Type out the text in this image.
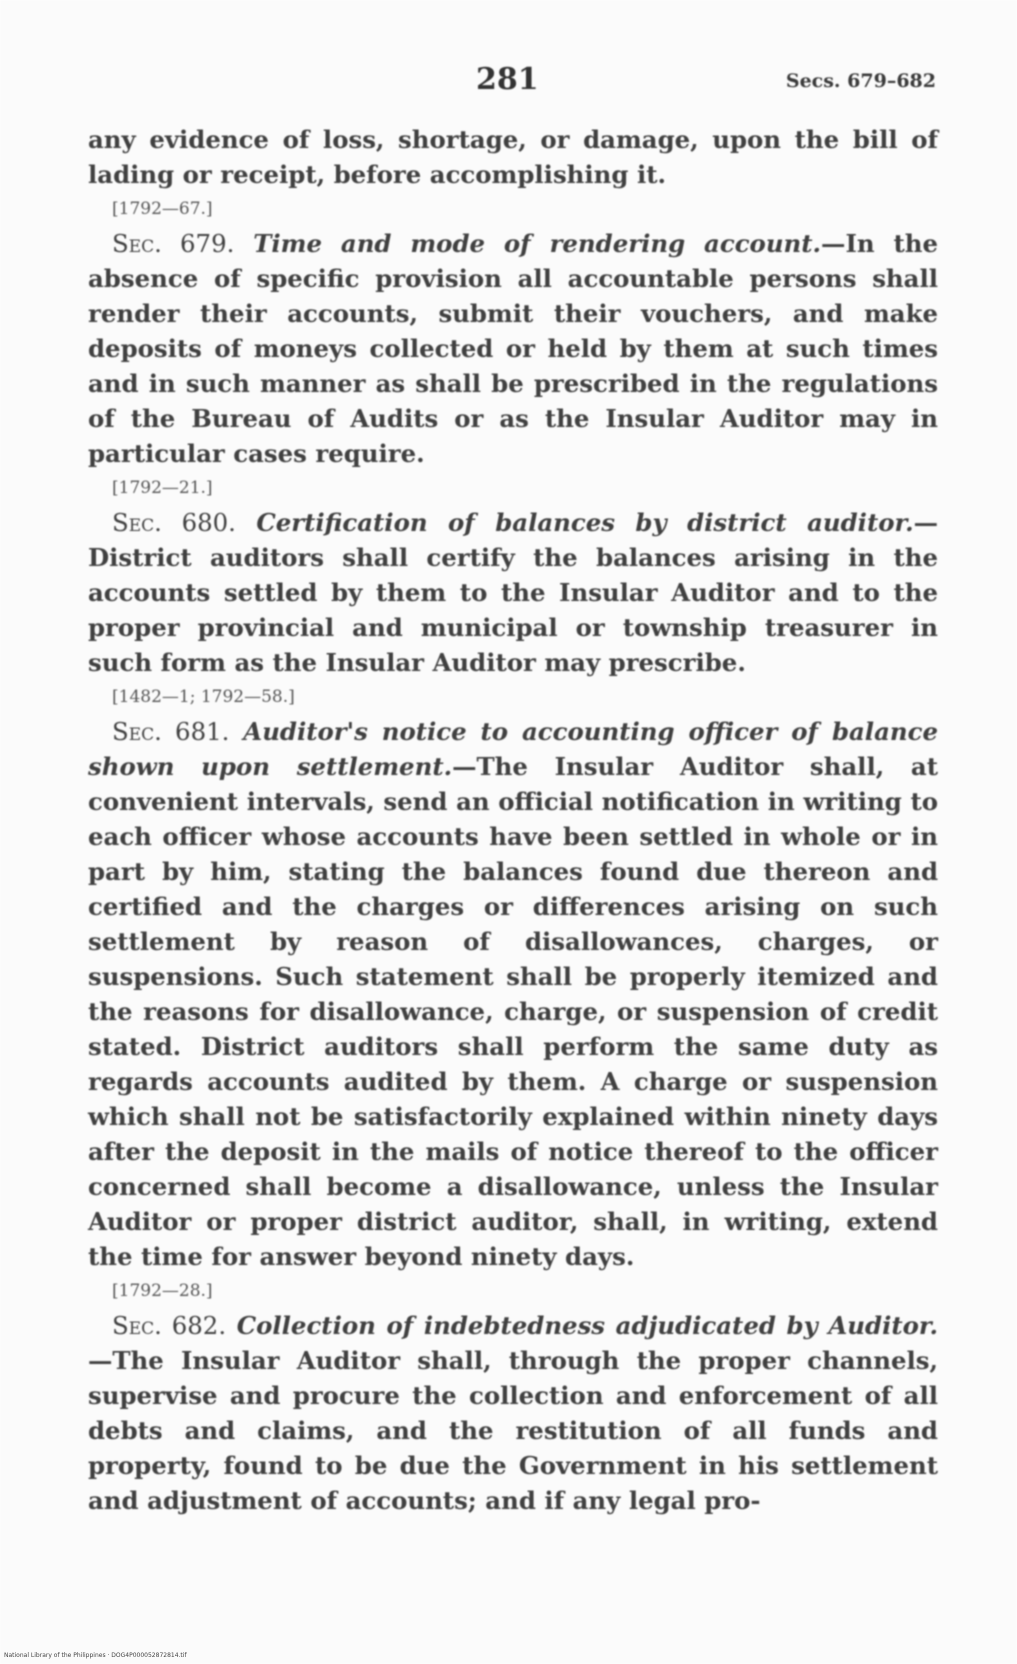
281	Secs. 679–682

any evidence of loss, shortage, or damage, upon the bill of lading or receipt, before accomplishing it.

[1792—67.]

Sec. 679. Time and mode of rendering account.—In the absence of specific provision all accountable persons shall render their accounts, submit their vouchers, and make deposits of moneys collected or held by them at such times and in such manner as shall be prescribed in the regulations of the Bureau of Audits or as the Insular Auditor may in particular cases require.

[1792—21.]

Sec. 680. Certification of balances by district auditor.—District auditors shall certify the balances arising in the accounts settled by them to the Insular Auditor and to the proper provincial and municipal or township treasurer in such form as the Insular Auditor may prescribe.

[1482—1; 1792—58.]

Sec. 681. Auditor's notice to accounting officer of balance shown upon settlement.—The Insular Auditor shall, at convenient intervals, send an official notification in writing to each officer whose accounts have been settled in whole or in part by him, stating the balances found due thereon and certified and the charges or differences arising on such settlement by reason of disallowances, charges, or suspensions. Such statement shall be properly itemized and the reasons for disallowance, charge, or suspension of credit stated. District auditors shall perform the same duty as regards accounts audited by them. A charge or suspension which shall not be satisfactorily explained within ninety days after the deposit in the mails of notice thereof to the officer concerned shall become a disallowance, unless the Insular Auditor or proper district auditor, shall, in writing, extend the time for answer beyond ninety days.

[1792—28.]

Sec. 682. Collection of indebtedness adjudicated by Auditor.—The Insular Auditor shall, through the proper channels, supervise and procure the collection and enforcement of all debts and claims, and the restitution of all funds and property, found to be due the Government in his settlement and adjustment of accounts; and if any legal pro-

National Library of the Philippines · DOG4P000052872814.tif
